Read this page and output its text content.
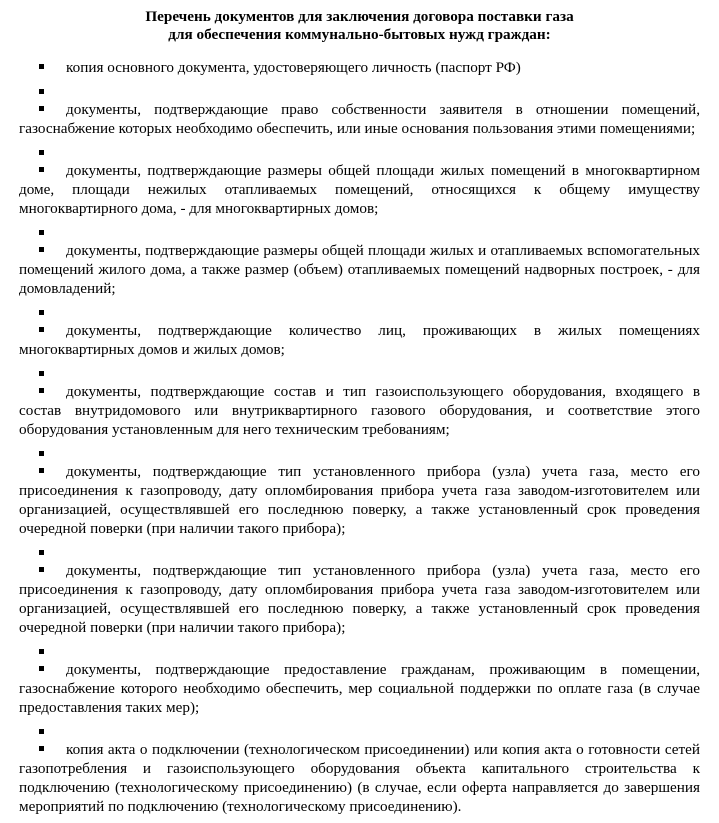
Перечень документов для заключения договора поставки газа
для обеспечения коммунально-бытовых нужд граждан:
копия основного документа, удостоверяющего личность (паспорт РФ)
документы, подтверждающие право собственности заявителя в отношении помещений, газоснабжение которых необходимо обеспечить, или иные основания пользования этими помещениями;
документы, подтверждающие размеры общей площади жилых помещений в многоквартирном доме, площади нежилых отапливаемых помещений, относящихся к общему имуществу многоквартирного дома, - для многоквартирных домов;
документы, подтверждающие размеры общей площади жилых и отапливаемых вспомогательных помещений жилого дома, а также размер (объем) отапливаемых помещений надворных построек, - для домовладений;
документы, подтверждающие количество лиц, проживающих в жилых помещениях многоквартирных домов и жилых домов;
документы, подтверждающие состав и тип газоиспользующего оборудования, входящего в состав внутридомового или внутриквартирного газового оборудования, и соответствие этого оборудования установленным для него техническим требованиям;
документы, подтверждающие тип установленного прибора (узла) учета газа, место его присоединения к газопроводу, дату опломбирования прибора учета газа заводом-изготовителем или организацией, осуществлявшей его последнюю поверку, а также установленный срок проведения очередной поверки (при наличии такого прибора);
документы, подтверждающие тип установленного прибора (узла) учета газа, место его присоединения к газопроводу, дату опломбирования прибора учета газа заводом-изготовителем или организацией, осуществлявшей его последнюю поверку, а также установленный срок проведения очередной поверки (при наличии такого прибора);
документы, подтверждающие предоставление гражданам, проживающим в помещении, газоснабжение которого необходимо обеспечить, мер социальной поддержки по оплате газа (в случае предоставления таких мер);
копия акта о подключении (технологическом присоединении) или копия акта о готовности сетей газопотребления и газоиспользующего оборудования объекта капитального строительства к подключению (технологическому присоединению) (в случае, если оферта направляется до завершения мероприятий по подключению (технологическому присоединению).
